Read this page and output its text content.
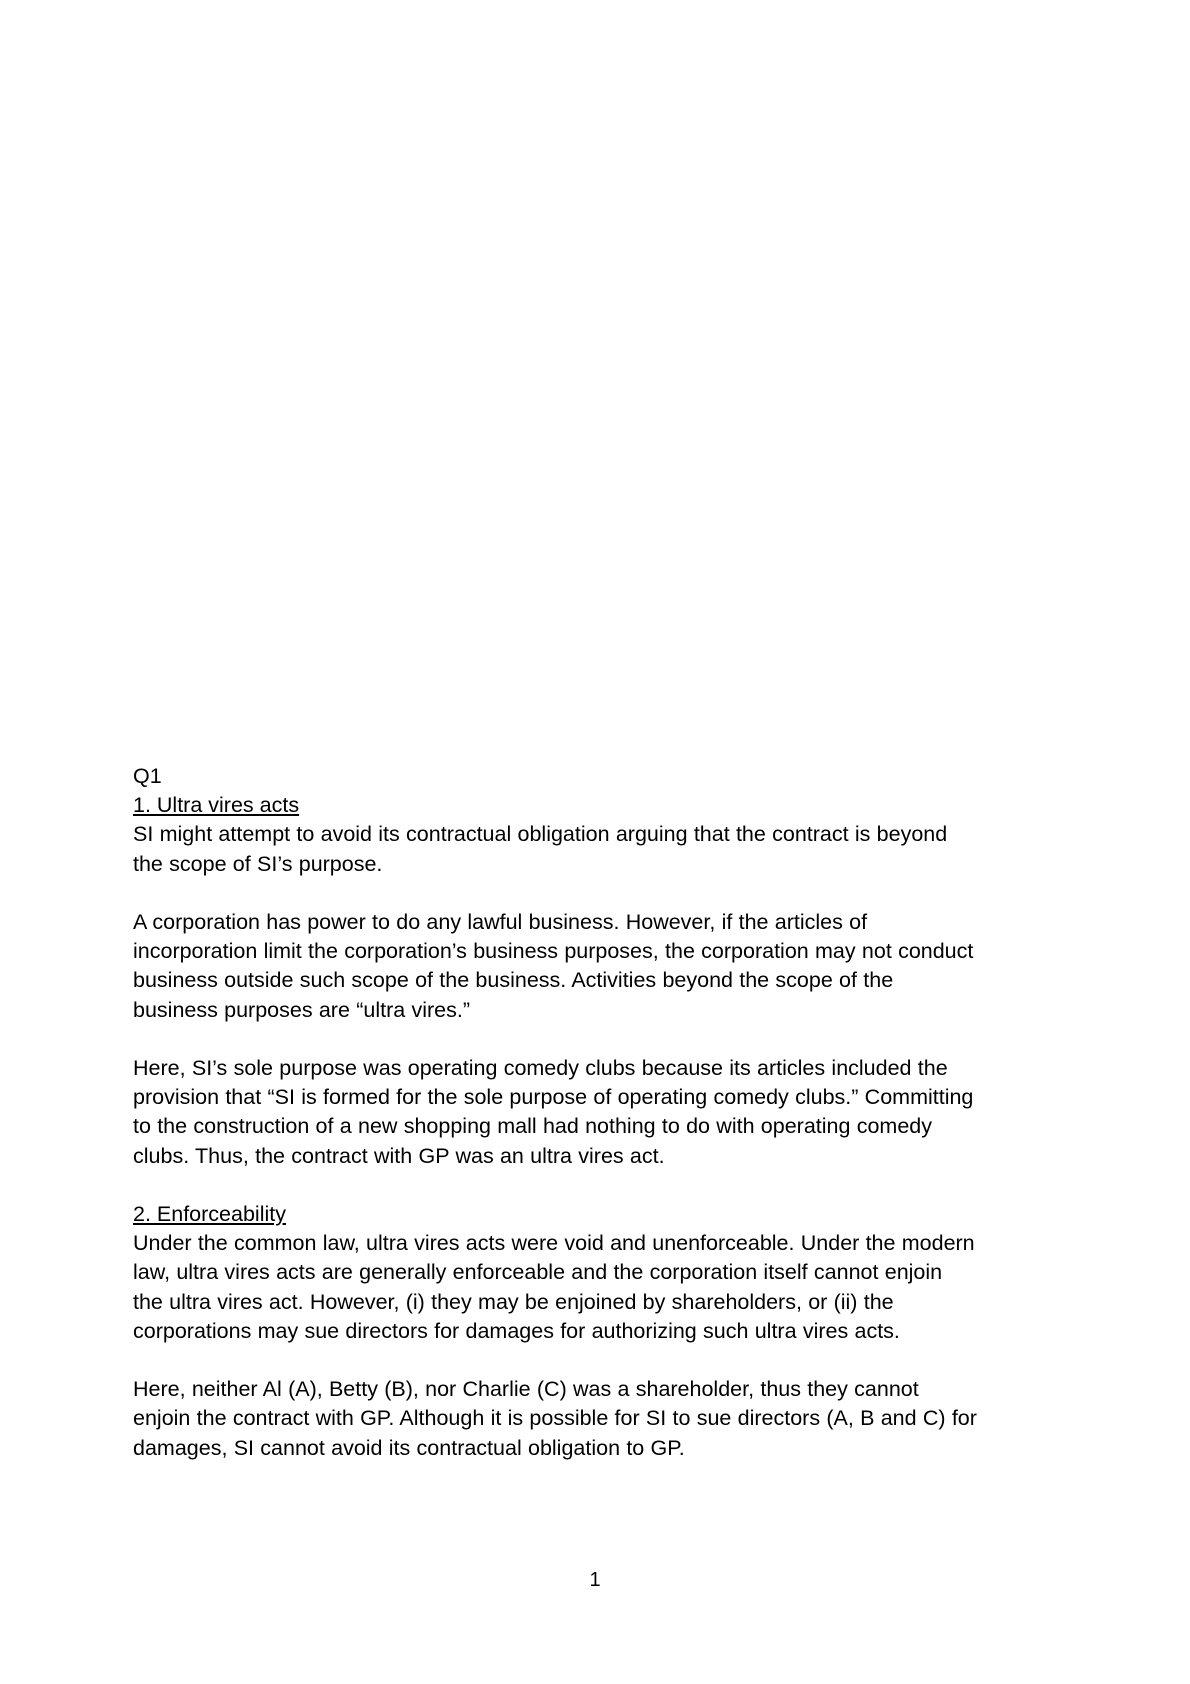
Q1
1. Ultra vires acts

SI might attempt to avoid its contractual obligation arguing that the contract is beyond the scope of SI’s purpose.

A corporation has power to do any lawful business. However, if the articles of incorporation limit the corporation’s business purposes, the corporation may not conduct business outside such scope of the business. Activities beyond the scope of the business purposes are “ultra vires.”

Here, SI’s sole purpose was operating comedy clubs because its articles included the provision that “SI is formed for the sole purpose of operating comedy clubs.” Committing to the construction of a new shopping mall had nothing to do with operating comedy clubs. Thus, the contract with GP was an ultra vires act.

2. Enforceability

Under the common law, ultra vires acts were void and unenforceable. Under the modern law, ultra vires acts are generally enforceable and the corporation itself cannot enjoin the ultra vires act. However, (i) they may be enjoined by shareholders, or (ii) the corporations may sue directors for damages for authorizing such ultra vires acts.

Here, neither Al (A), Betty (B), nor Charlie (C) was a shareholder, thus they cannot enjoin the contract with GP. Although it is possible for SI to sue directors (A, B and C) for damages, SI cannot avoid its contractual obligation to GP.

1
